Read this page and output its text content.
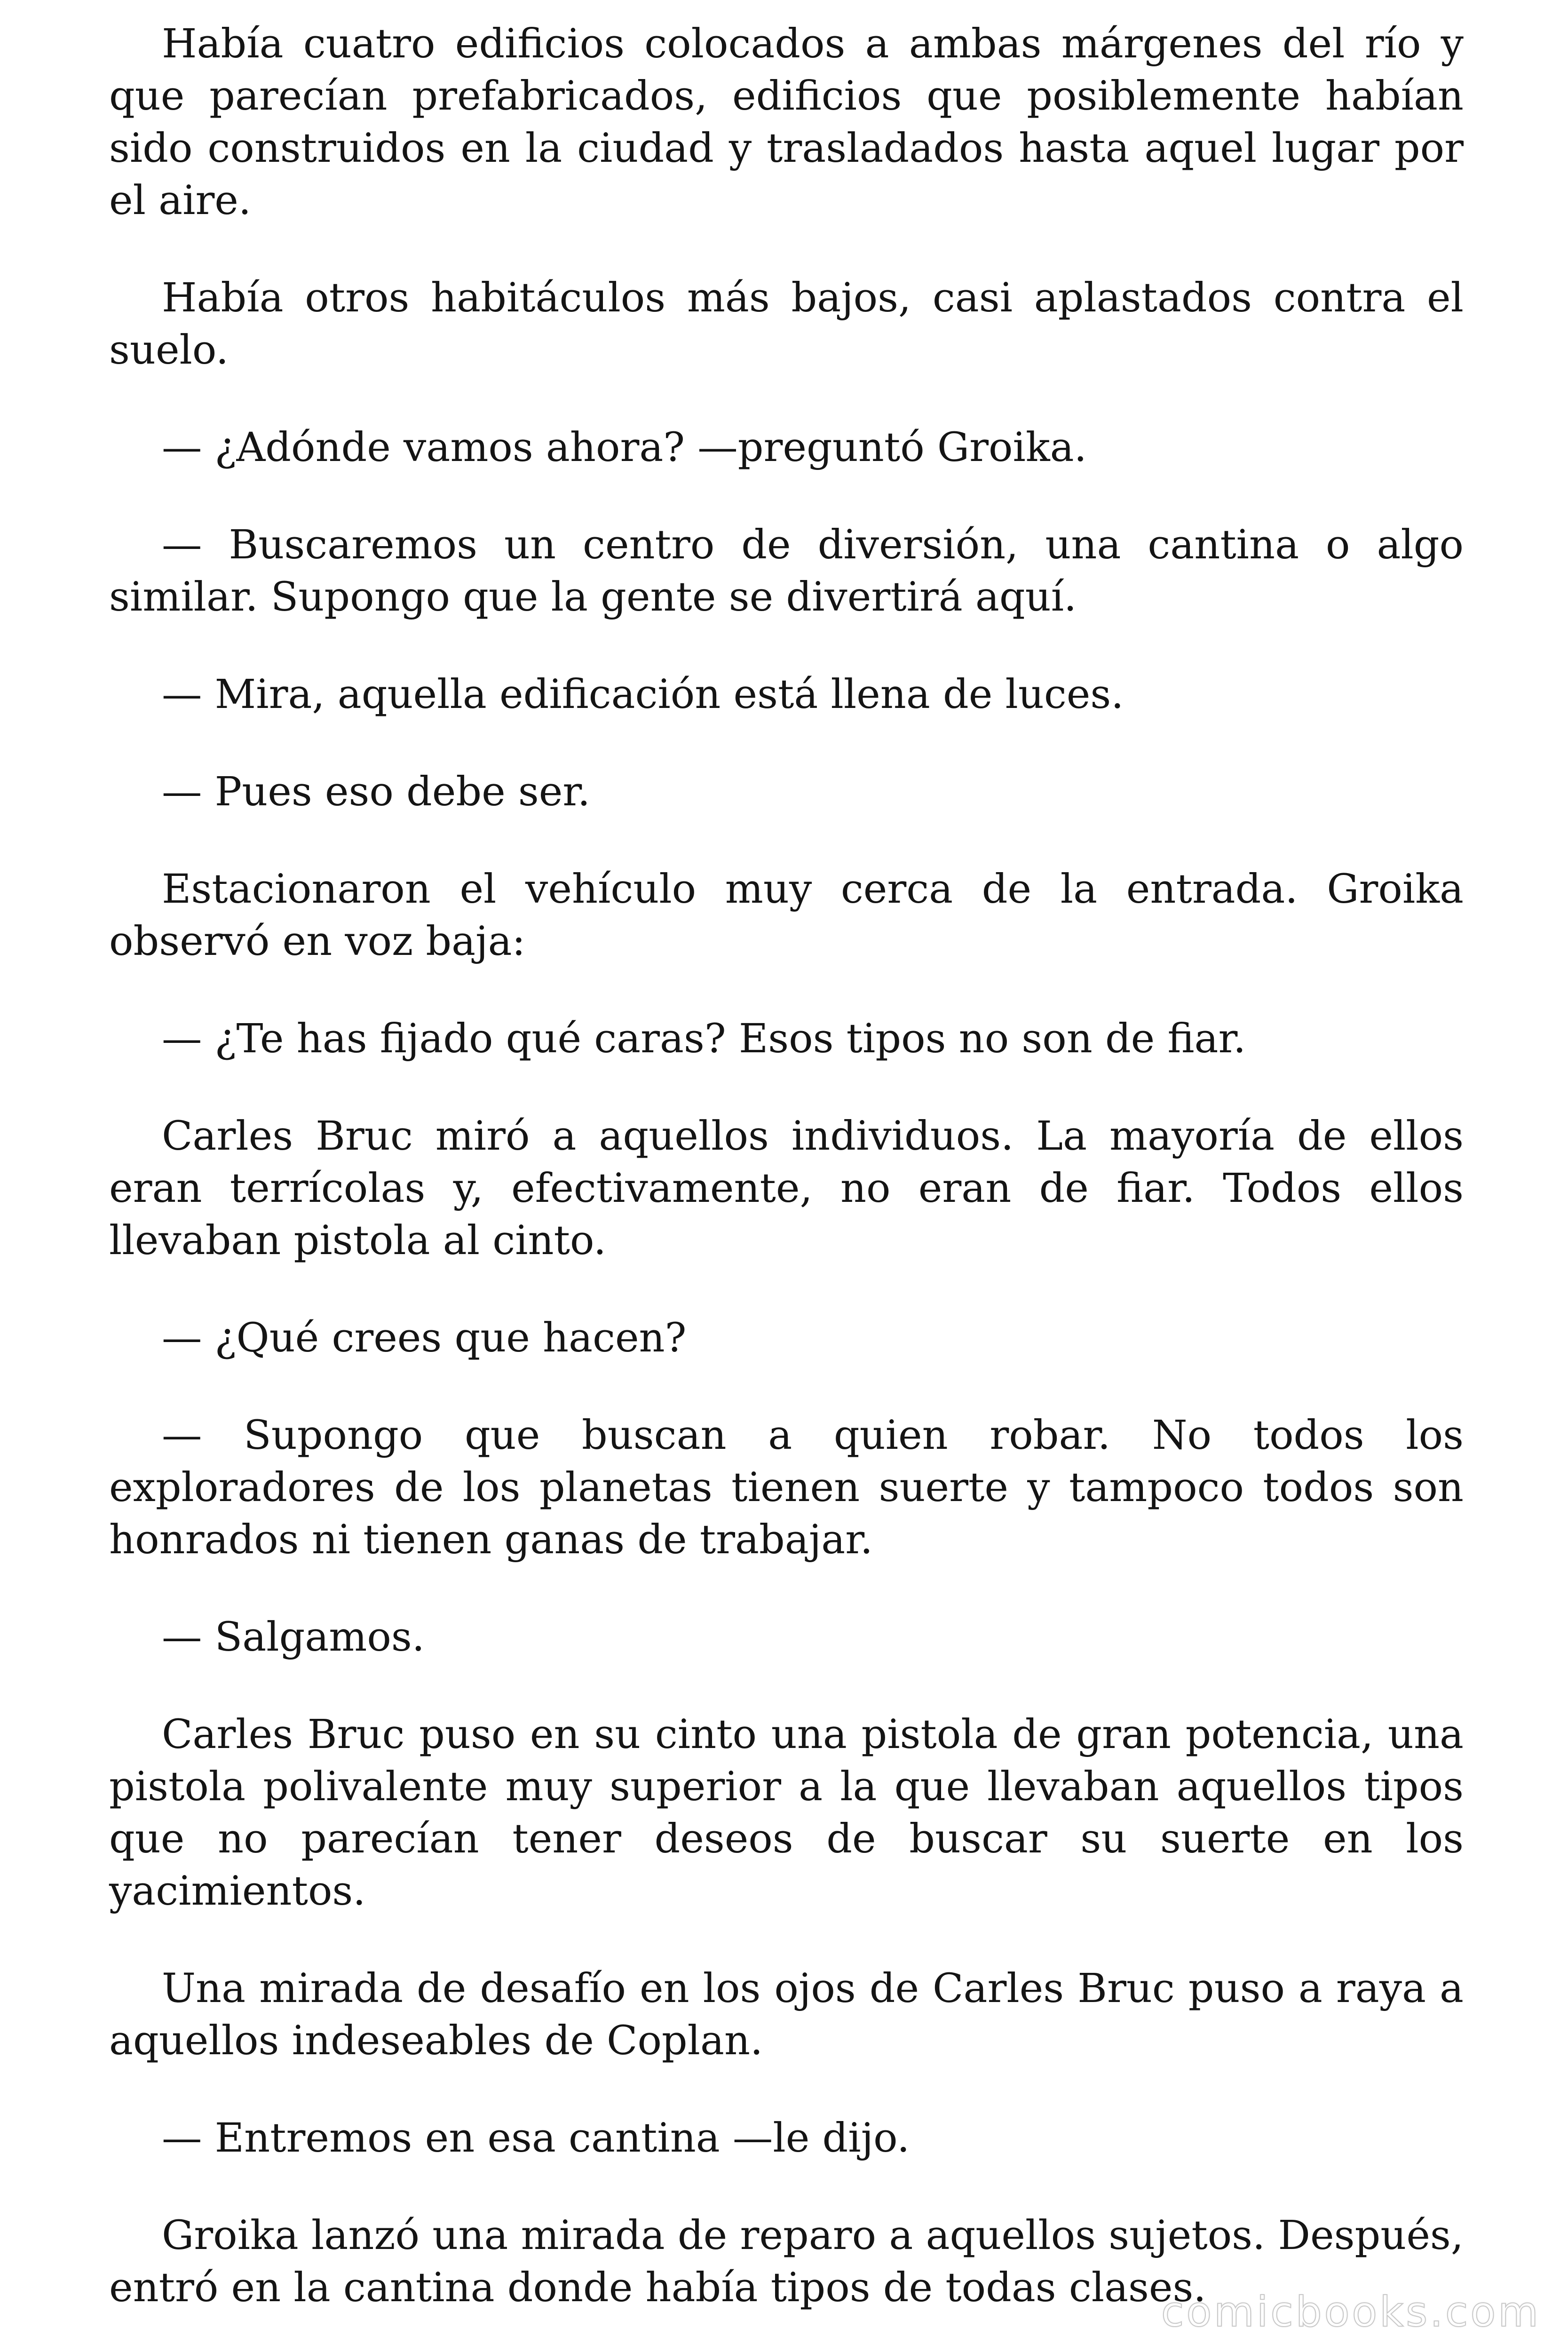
Había cuatro edificios colocados a ambas márgenes del río y que parecían prefabricados, edificios que posiblemente habían sido construidos en la ciudad y trasladados hasta aquel lugar por el aire.

Había otros habitáculos más bajos, casi aplastados contra el suelo.

— ¿Adónde vamos ahora? —preguntó Groika.

— Buscaremos un centro de diversión, una cantina o algo similar. Supongo que la gente se divertirá aquí.

— Mira, aquella edificación está llena de luces.

— Pues eso debe ser.

Estacionaron el vehículo muy cerca de la entrada. Groika observó en voz baja:

— ¿Te has fijado qué caras? Esos tipos no son de fiar.

Carles Bruc miró a aquellos individuos. La mayoría de ellos eran terrícolas y, efectivamente, no eran de fiar. Todos ellos llevaban pistola al cinto.

— ¿Qué crees que hacen?

— Supongo que buscan a quien robar. No todos los exploradores de los planetas tienen suerte y tampoco todos son honrados ni tienen ganas de trabajar.

— Salgamos.

Carles Bruc puso en su cinto una pistola de gran potencia, una pistola polivalente muy superior a la que llevaban aquellos tipos que no parecían tener deseos de buscar su suerte en los yacimientos.

Una mirada de desafío en los ojos de Carles Bruc puso a raya a aquellos indeseables de Coplan.

— Entremos en esa cantina —le dijo.

Groika lanzó una mirada de reparo a aquellos sujetos. Después, entró en la cantina donde había tipos de todas clases.

comicbooks.com
